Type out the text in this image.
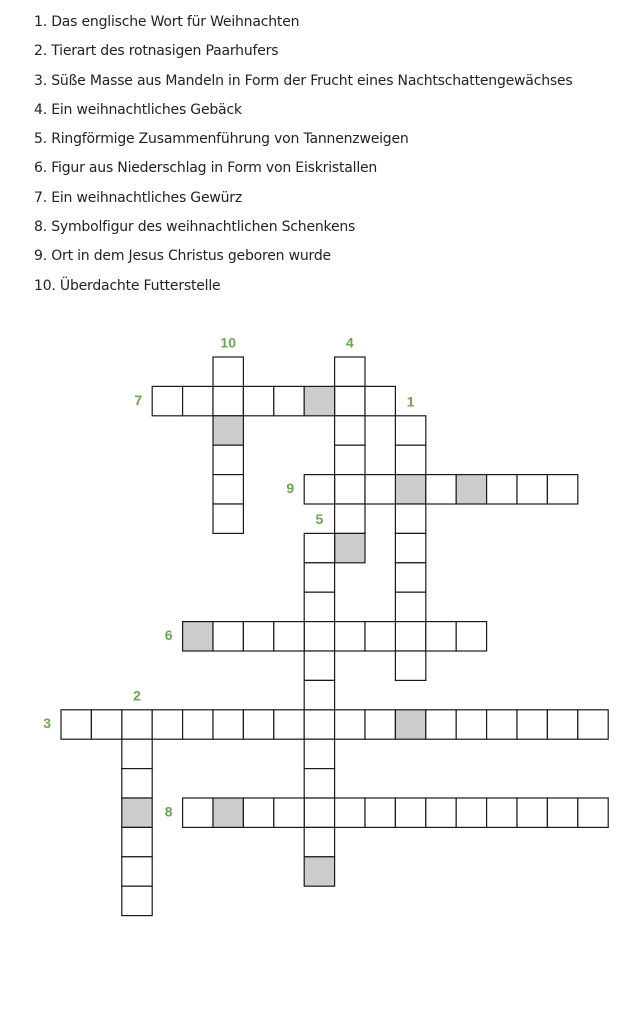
1. Das englische Wort für Weihnachten
2. Tierart des rotnasigen Paarhufers
3. Süße Masse aus Mandeln in Form der Frucht eines Nachtschattengewächses
4. Ein weihnachtliches Gebäck
5. Ringförmige Zusammenführung von Tannenzweigen
6. Figur aus Niederschlag in Form von Eiskristallen
7. Ein weihnachtliches Gewürz
8. Symbolfigur des weihnachtlichen Schenkens
9. Ort in dem Jesus Christus geboren wurde
10. Überdachte Futterstelle
1
2
3
4
5
6
7
8
9
10
